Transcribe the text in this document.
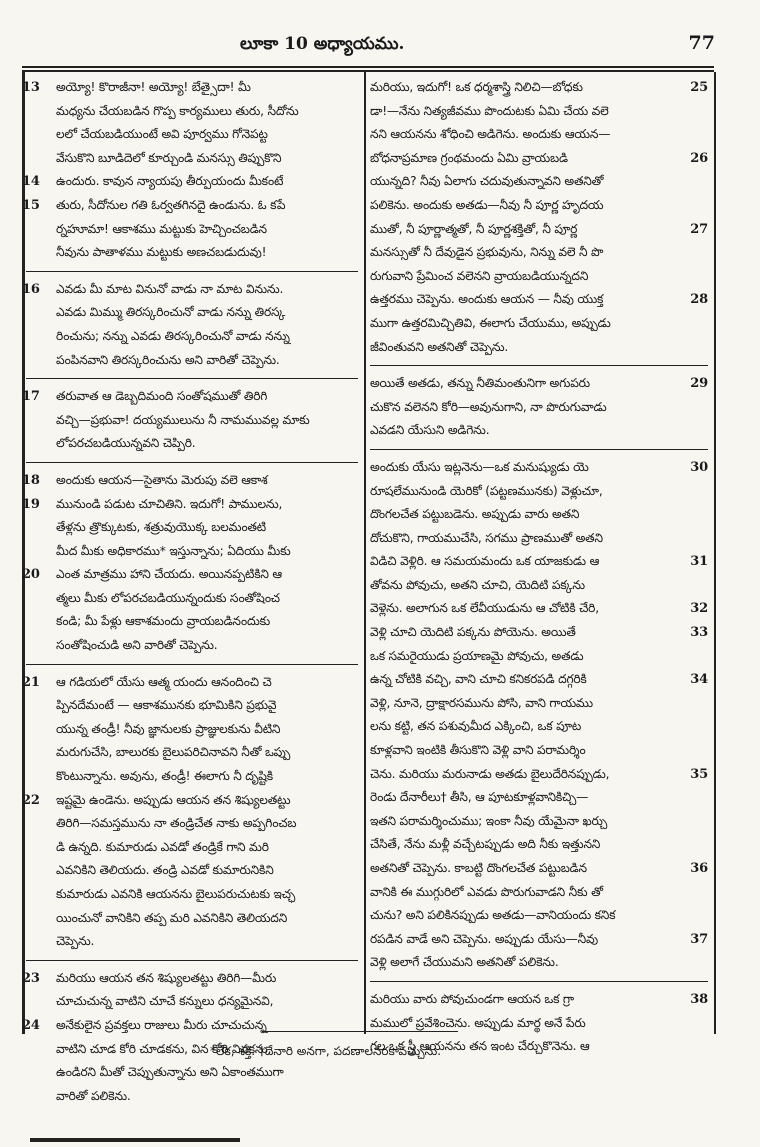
లూకా 10 అధ్యాయము.	77
13 అయ్యో! కొరాజీనా! అయ్యో! బేత్సైదా! మీ
మధ్యను చేయబడిన గొప్ప కార్యములు తురు, సీదోను
లలో చేయబడియుంటే అవి పూర్వము గోనెపట్ట
వేసుకొని బూడిదెలో కూర్చుండి మనస్సు తిప్పుకొని
14 ఉందురు. కావున న్యాయపు తీర్పుయందు మీకంటే
15 తురు, సీదోనుల గతి ఓర్వతగినదై ఉండును. ఓ కపే
ర్నహూమా! ఆకాశము మట్టుకు హెచ్చించబడిన
నీవును పాతాళము మట్టుకు అణచబడుదువు!
16 ఎవడు మీ మాట వినునో వాడు నా మాట వినును.
ఎవడు మిమ్ము తిరస్కరించునో వాడు నన్ను తిరస్క
రించును; నన్ను ఎవడు తిరస్కరించునో వాడు నన్ను
పంపినవాని తిరస్కరించును అని వారితో చెప్పెను.
17 తరువాత ఆ డెబ్బదిమంది సంతోషముతో తిరిగి
వచ్చి—ప్రభువా! దయ్యములును నీ నామమువల్ల మాకు
లోపరచబడియున్నవని చెప్పిరి.
18 అందుకు ఆయన—సైతాను మెరుపు వలె ఆకాశ
19 మునుండి పడుట చూచితిని. ఇదుగో! పాములను,
తేళ్లను త్రొక్కుటకు, శత్రువుయొక్క బలమంతటి
మీద మీకు అధికారము* ఇస్తున్నాను; ఏదియు మీకు
20 ఎంత మాత్రము హాని చేయదు. అయినప్పటికిని ఆ
త్మలు మీకు లోపరచబడియున్నందుకు సంతోషించ
కండి; మీ పేళ్లు ఆకాశమందు వ్రాయబడినందుకు
సంతోషించుడి అని వారితో చెప్పెను.
21 ఆ గడియలో యేసు ఆత్మ యందు ఆనందించి చె
ప్పినదేమంటే — ఆకాశమునకు భూమికిని ప్రభువై
యున్న తండ్రీ! నీవు జ్ఞానులకు ప్రాజ్ఞులకును వీటిని
మరుగుచేసి, బాలురకు బైలుపరిచినావని నీతో ఒప్పు
కొంటున్నాను. అవును, తండ్రీ! ఈలాగు నీ దృష్టికి
22 ఇష్టమై ఉండెను. అప్పుడు ఆయన తన శిష్యులతట్టు
తిరిగి—సమస్తమును నా తండ్రిచేత నాకు అప్పగించబ
డి ఉన్నది. కుమారుడు ఎవడో తండ్రికే గాని మరి
ఎవనికిని తెలియదు. తండ్రి ఎవడో కుమారునికిని
కుమారుడు ఎవనికి ఆయనను బైలుపరుచుటకు ఇచ్ఛ
యించునో వానికిని తప్ప మరి ఎవనికిని తెలియదని
చెప్పెను.
23 మరియు ఆయన తన శిష్యులతట్టు తిరిగి—మీరు
చూచుచున్న వాటిని చూచే కన్నులు ధన్యమైనవి,
24 అనేకులైన ప్రవక్తలు రాజులు మీరు చూచుచున్న
వాటిని చూడ కోరి చూడకను, విన కోరి వినకను,
ఉండిరని మీతో చెప్పుతున్నాను అని ఏకాంతముగా
వారితో పలికెను.
25
మరియు, ఇదుగో! ఒక ధర్మశాస్త్రి నిలిచి—బోధకు
డా!—నేను నిత్యజీవము పొందుటకు ఏమి చేయ వలె
నని ఆయనను శోధించి అడిగెను. అందుకు ఆయన—
26
బోధనాప్రమాణ గ్రంథమందు ఏమి వ్రాయబడి
యున్నది? నీవు ఏలాగు చదువుతున్నావని అతనితో
పలికెను. అందుకు అతడు—నీవు నీ పూర్ణ హృదయ
27
ముతో, నీ పూర్ణాత్మతో, నీ పూర్ణశక్తితో, నీ పూర్ణ
మనస్సుతో నీ దేవుడైన ప్రభువును, నిన్ను వలె నీ పొ
రుగువాని ప్రేమించ వలెనని వ్రాయబడియున్నదని
28
ఉత్తరము చెప్పెను. అందుకు ఆయన — నీవు యుక్త
ముగా ఉత్తరమిచ్చితివి, ఈలాగు చేయుము, అప్పుడు
జీవింతువని అతనితో చెప్పెను.
29
అయితే అతడు, తన్ను నీతిమంతునిగా అగుపరు
చుకొన వలెనని కోరి—అవునుగాని, నా పొరుగువాడు
ఎవడని యేసుని అడిగెను.
30
అందుకు యేసు ఇట్లనెను—ఒక మనుష్యుడు యె
రూషలేమునుండి యెరికో (పట్టణమునకు) వెళ్లుచూ,
దొంగలచేత పట్టుబడెను. అప్పుడు వారు అతని
దోచుకొని, గాయముచేసి, సగము ప్రాణముతో అతని
31
విడిచి వెళ్లిరి. ఆ సమయమందు ఒక యాజకుడు ఆ
తోవను పోవుచు, అతని చూచి, యెదిటి పక్కను
32
వెళ్లెను. అలాగున ఒక లేవీయుడును ఆ చోటికి చేరి,
33
వెళ్లి చూచి యెదిటి పక్కను పోయెను. అయితే
ఒక సమరైయుడు ప్రయాణమై పోవుచు, అతడు
34
ఉన్న చోటికి వచ్చి, వాని చూచి కనికరపడి దగ్గరికి
వెళ్లి, నూనె, ద్రాక్షారసమును పోసి, వాని గాయము
లను కట్టి, తన పశువుమీద ఎక్కించి, ఒక పూట
కూళ్లవాని ఇంటికి తీసుకొని వెళ్లి వాని పరామర్శిం
35
చెను. మరియు మరునాడు అతడు బైలుదేరినప్పుడు,
రెండు దేనారీలు† తీసి, ఆ పూటకూళ్లవానికిచ్చి—
ఇతని పరామర్శించుము; ఇంకా నీవు యేమైనా ఖర్చు
చేసితే, నేను మళ్లీ వచ్చేటప్పుడు అది నీకు ఇత్తునని
36
అతనితో చెప్పెను. కాబట్టి దొంగలచేత పట్టుబడిన
వానికి ఈ ముగ్గురిలో ఎవడు పొరుగువాడని నీకు తో
చును? అని పలికినప్పుడు అతడు—వానియందు కనిక
37
రపడిన వాడే అని చెప్పెను. అప్పుడు యేసు—నీవు
వెళ్లి అలాగే చేయుమని అతనితో పలికెను.
38
మరియు వారు పోవుచుండగా ఆయన ఒక గ్రా
మములో ప్రవేశించెను. అప్పుడు మార్థ అనే పేరు
గల ఒక స్త్రీ ఆయనను తన ఇంట చేర్చుకొనెను. ఆ
*లేక, శక్తి. †దేనారి అనగా, పదణాలనరకావచ్చును.
